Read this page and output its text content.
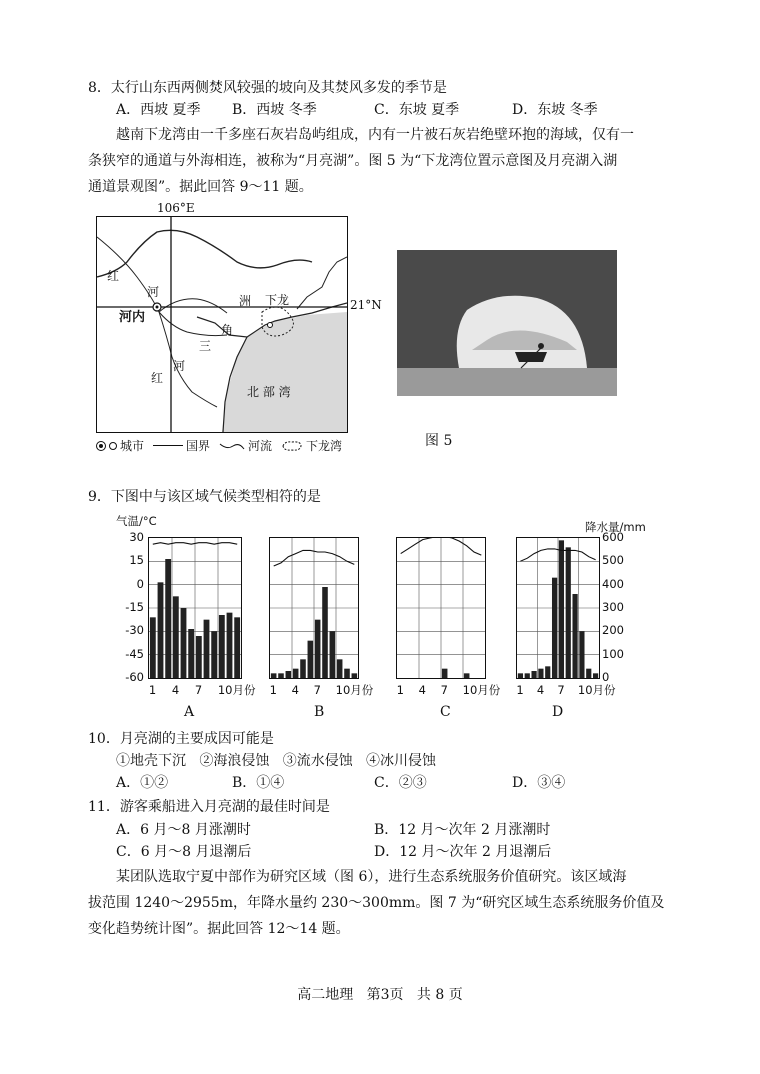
8．太行山东西两侧焚风较强的坡向及其焚风多发的季节是
A．西坡 夏季 B．西坡 冬季	C．东坡 夏季	D．东坡 冬季
越南下龙湾由一千多座石灰岩岛屿组成，内有一片被石灰岩绝壁环抱的海域，仅有一
条狭窄的通道与外海相连，被称为“月亮湖”。图 5 为“下龙湾位置示意图及月亮湖入湖
通道景观图”。据此回答 9～11 题。
106°E
红
河
河内
洲 下龙
角
三
河
红
北 部 湾
21°N
城市	国界	河流	下龙湾	图 5
9．下图中与该区域气候类型相符的是
气温/°C	降水量/mm
30
15
0
-15
-30
-45
-60
600
500
400
300
200
100
0
1 4 7 10月份 1 4 7 10月份 1 4 7 10月份 1 4 7 10月份
A	B	C	D
10．月亮湖的主要成因可能是
①地壳下沉   ②海浪侵蚀   ③流水侵蚀   ④冰川侵蚀
A．①②	B．①④	C．②③	D．③④
11．游客乘船进入月亮湖的最佳时间是
A．6 月～8 月涨潮时	B．12 月～次年 2 月涨潮时
C．6 月～8 月退潮后	D．12 月～次年 2 月退潮后
某团队选取宁夏中部作为研究区域（图 6），进行生态系统服务价值研究。该区域海
拔范围 1240～2955m，年降水量约 230～300mm。图 7 为“研究区域生态系统服务价值及
变化趋势统计图”。据此回答 12～14 题。
高二地理   第3页   共 8 页
